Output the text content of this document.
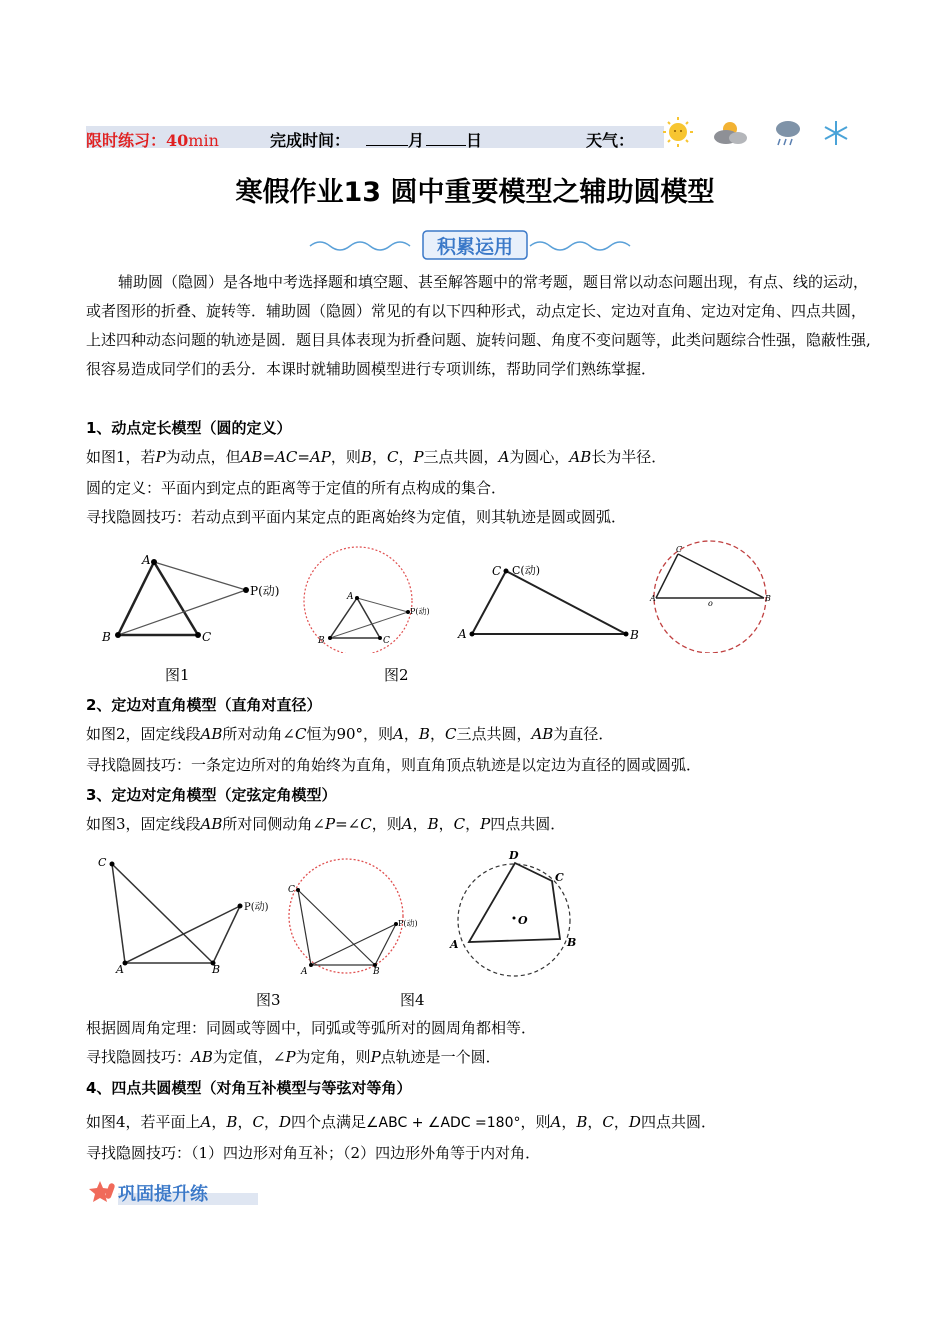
限时练习：40min	完成时间：	月	日	天气：
寒假作业13 圆中重要模型之辅助圆模型
积累运用
辅助圆（隐圆）是各地中考选择题和填空题、甚至解答题中的常考题，题目常以动态问题出现，有点、线的运动，或者图形的折叠、旋转等．辅助圆（隐圆）常见的有以下四种形式，动点定长、定边对直角、定边对定角、四点共圆，上述四种动态问题的轨迹是圆．题目具体表现为折叠问题、旋转问题、角度不变问题等，此类问题综合性强，隐蔽性强,很容易造成同学们的丢分．本课时就辅助圆模型进行专项训练，帮助同学们熟练掌握．
1、动点定长模型（圆的定义）
如图1，若P为动点，但AB=AC=AP，则B，C，P三点共圆，A为圆心，AB长为半径．
圆的定义：平面内到定点的距离等于定值的所有点构成的集合．
寻找隐圆技巧：若动点到平面内某定点的距离始终为定值，则其轨迹是圆或圆弧．
A
B	C
P(动)	A
B	C
P(动)
C C(动)
A	B
C
A	B
o
图1	图2
2、定边对直角模型（直角对直径）
如图2，固定线段AB所对动角∠C恒为90°，则A，B，C三点共圆，AB为直径．
寻找隐圆技巧：一条定边所对的角始终为直角，则直角顶点轨迹是以定边为直径的圆或圆弧．
3、定边对定角模型（定弦定角模型）
如图3，固定线段AB所对同侧动角∠P=∠C，则A，B，C，P四点共圆．
C
A	B
P(动)
C
A	B
P(动)
A
D
C
B
O
图3	图4
根据圆周角定理：同圆或等圆中，同弧或等弧所对的圆周角都相等．
寻找隐圆技巧：AB为定值，∠P为定角，则P点轨迹是一个圆．
4、四点共圆模型（对角互补模型与等弦对等角）
如图4，若平面上A，B，C，D四个点满足∠ABC + ∠ADC =180°，则A，B，C，D四点共圆．
寻找隐圆技巧：（1）四边形对角互补；（2）四边形外角等于内对角．
巩固提升练
